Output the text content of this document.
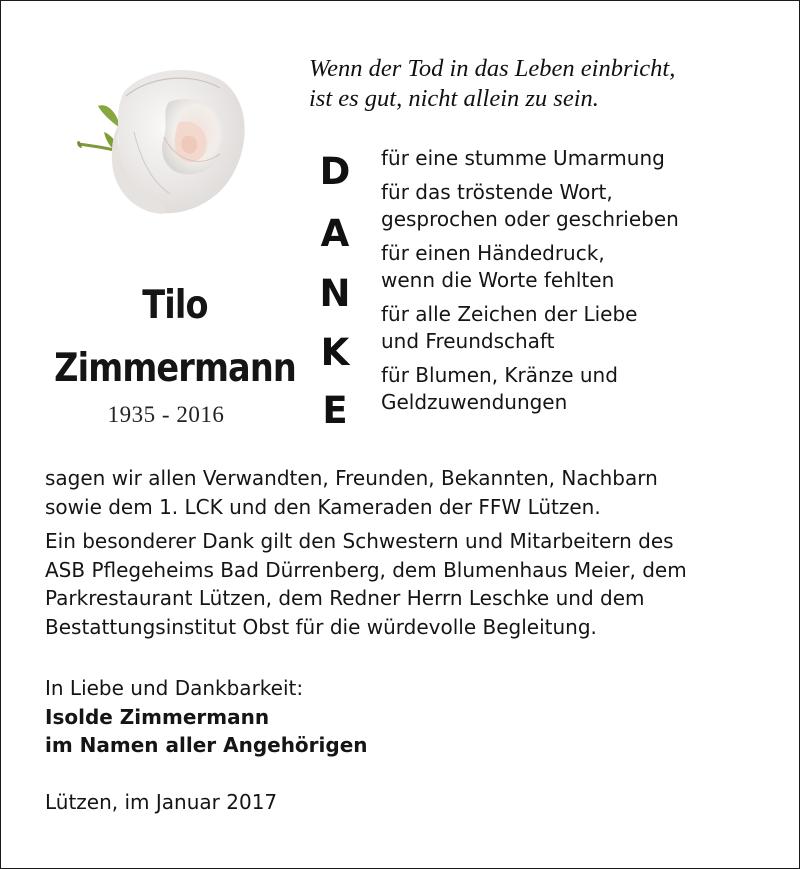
Wenn der Tod in das Leben einbricht,
ist es gut, nicht allein zu sein.
Tilo
Zimmermann
1935 - 2016
D
A
N
K
E
für eine stumme Umarmung
für das tröstende Wort,
gesprochen oder geschrieben
für einen Händedruck,
wenn die Worte fehlten
für alle Zeichen der Liebe
und Freundschaft
für Blumen, Kränze und
Geldzuwendungen
sagen wir allen Verwandten, Freunden, Bekannten, Nachbarn
sowie dem 1. LCK und den Kameraden der FFW Lützen.
Ein besonderer Dank gilt den Schwestern und Mitarbeitern des
ASB Pflegeheims Bad Dürrenberg, dem Blumenhaus Meier, dem
Parkrestaurant Lützen, dem Redner Herrn Leschke und dem
Bestattungsinstitut Obst für die würdevolle Begleitung.
In Liebe und Dankbarkeit:
Isolde Zimmermann
im Namen aller Angehörigen
Lützen, im Januar 2017
